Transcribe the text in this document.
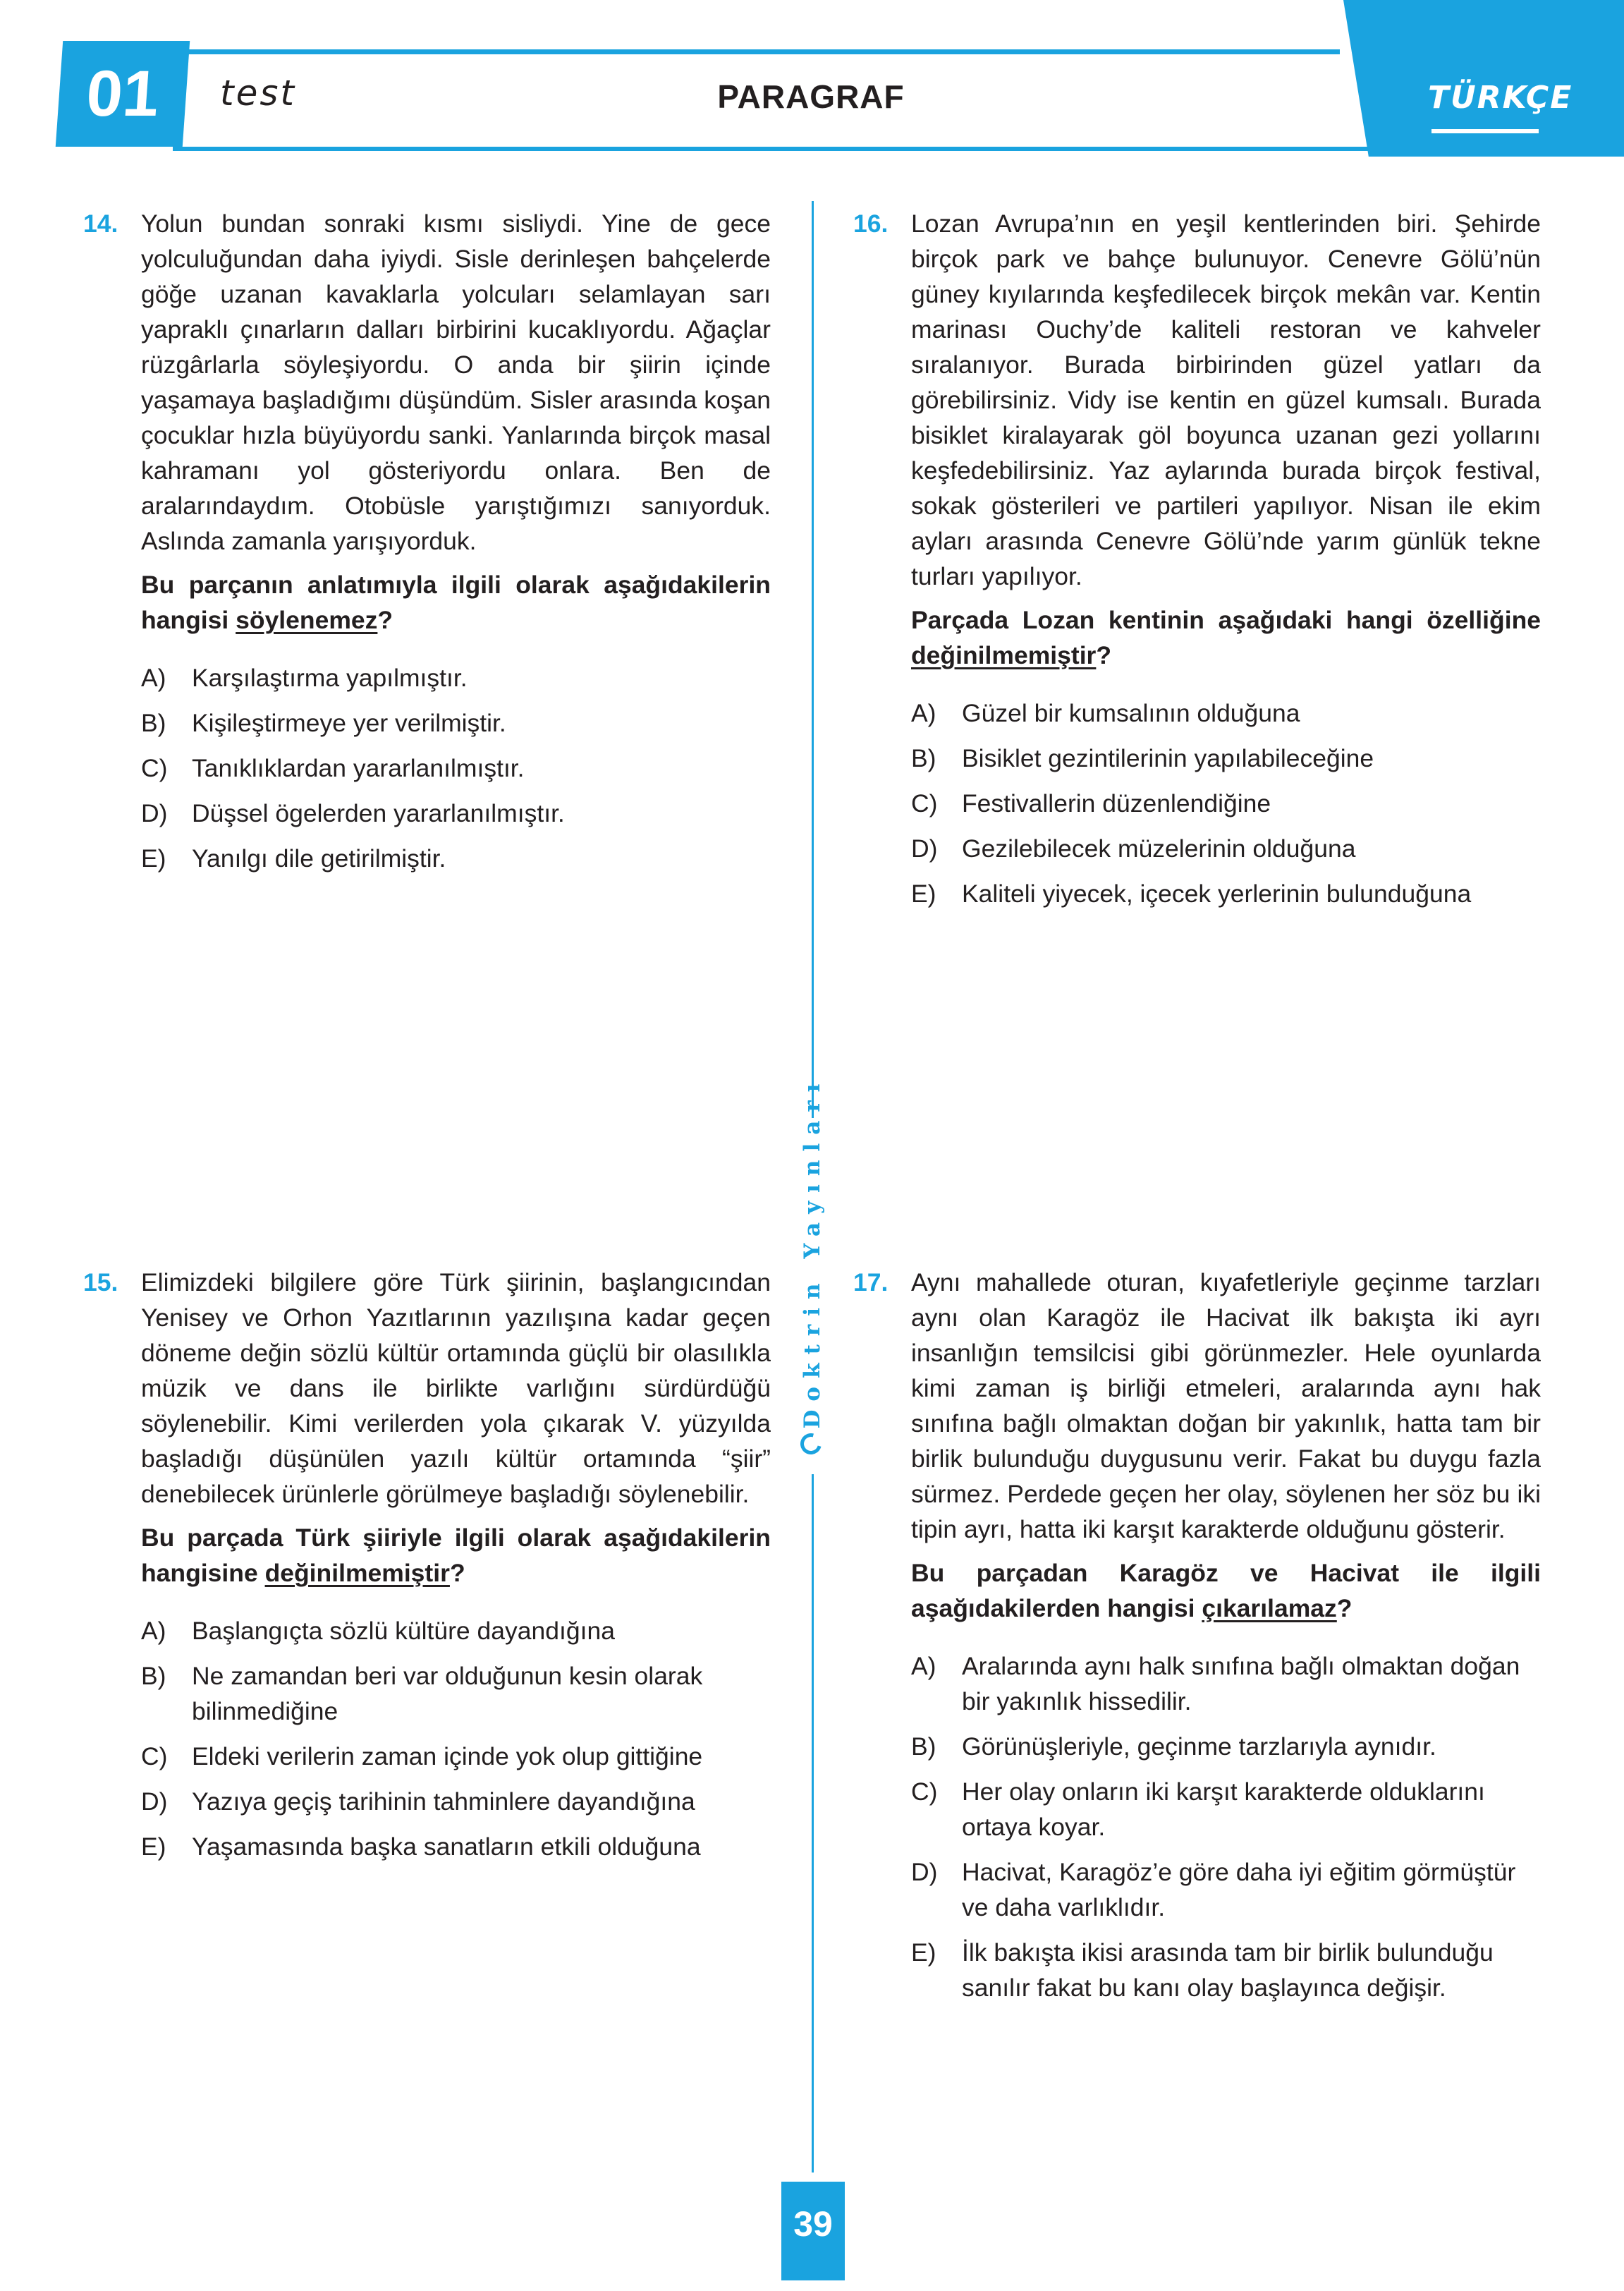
01	test	PARAGRAF	TÜRKÇE
Doktrin Yayınları
14. Yolun bundan sonraki kısmı sisliydi. Yine de gece yolculuğundan daha iyiydi. Sisle derinleşen bahçelerde göğe uzanan kavaklarla yolcuları selamlayan sarı yapraklı çınarların dalları birbirini kucaklıyordu. Ağaçlar rüzgârlarla söyleşiyordu. O anda bir şiirin içinde yaşamaya başladığımı düşündüm. Sisler arasında koşan çocuklar hızla büyüyordu sanki. Yanlarında birçok masal kahramanı yol gösteriyordu onlara. Ben de aralarındaydım. Otobüsle yarıştığımızı sanıyorduk. Aslında zamanla yarışıyorduk.
Bu parçanın anlatımıyla ilgili olarak aşağıdakilerin hangisi söylenemez?
A)	Karşılaştırma yapılmıştır.
B)	Kişileştirmeye yer verilmiştir.
C) Tanıklıklardan yararlanılmıştır.
D) Düşsel ögelerden yararlanılmıştır.
E)	Yanılgı dile getirilmiştir.
15. Elimizdeki bilgilere göre Türk şiirinin, başlangıcından Yenisey ve Orhon Yazıtlarının yazılışına kadar geçen döneme değin sözlü kültür ortamında güçlü bir olasılıkla müzik ve dans ile birlikte varlığını sürdürdüğü söylenebilir. Kimi verilerden yola çıkarak V. yüzyılda başladığı düşünülen yazılı kültür ortamında “şiir” denebilecek ürünlerle görülmeye başladığı söylenebilir.
Bu parçada Türk şiiriyle ilgili olarak aşağıdakilerin hangisine değinilmemiştir?
A)	Başlangıçta sözlü kültüre dayandığına
B)	Ne zamandan beri var olduğunun kesin olarak bilinmediğine
C) Eldeki verilerin zaman içinde yok olup gittiğine
D) Yazıya geçiş tarihinin tahminlere dayandığına
E)	Yaşamasında başka sanatların etkili olduğuna
16. Lozan Avrupa’nın en yeşil kentlerinden biri. Şehirde birçok park ve bahçe bulunuyor. Cenevre Gölü’nün güney kıyılarında keşfedilecek birçok mekân var. Kentin marinası Ouchy’de kaliteli restoran ve kahveler sıralanıyor. Burada birbirinden güzel yatları da görebilirsiniz. Vidy ise kentin en güzel kumsalı. Burada bisiklet kiralayarak göl boyunca uzanan gezi yollarını keşfedebilirsiniz. Yaz aylarında burada birçok festival, sokak gösterileri ve partileri yapılıyor. Nisan ile ekim ayları arasında Cenevre Gölü’nde yarım günlük tekne turları yapılıyor.
Parçada Lozan kentinin aşağıdaki hangi özelliğine değinilmemiştir?
A)	Güzel bir kumsalının olduğuna
B)	Bisiklet gezintilerinin yapılabileceğine
C) Festivallerin düzenlendiğine
D) Gezilebilecek müzelerinin olduğuna
E)	Kaliteli yiyecek, içecek yerlerinin bulunduğuna
17. Aynı mahallede oturan, kıyafetleriyle geçinme tarzları aynı olan Karagöz ile Hacivat ilk bakışta iki ayrı insanlığın temsilcisi gibi görünmezler. Hele oyunlarda kimi zaman iş birliği etmeleri, aralarında aynı hak sınıfına bağlı olmaktan doğan bir yakınlık, hatta tam bir birlik bulunduğu duygusunu verir. Fakat bu duygu fazla sürmez. Perdede geçen her olay, söylenen her söz bu iki tipin ayrı, hatta iki karşıt karakterde olduğunu gösterir.
Bu parçadan Karagöz ve Hacivat ile ilgili aşağıdakilerden hangisi çıkarılamaz?
A)	Aralarında aynı halk sınıfına bağlı olmaktan doğan bir yakınlık hissedilir.
B)	Görünüşleriyle, geçinme tarzlarıyla aynıdır.
C) Her olay onların iki karşıt karakterde olduklarını ortaya koyar.
D) Hacivat, Karagöz’e göre daha iyi eğitim görmüştür ve daha varlıklıdır.
E)	İlk bakışta ikisi arasında tam bir birlik bulunduğu sanılır fakat bu kanı olay başlayınca değişir.
39
